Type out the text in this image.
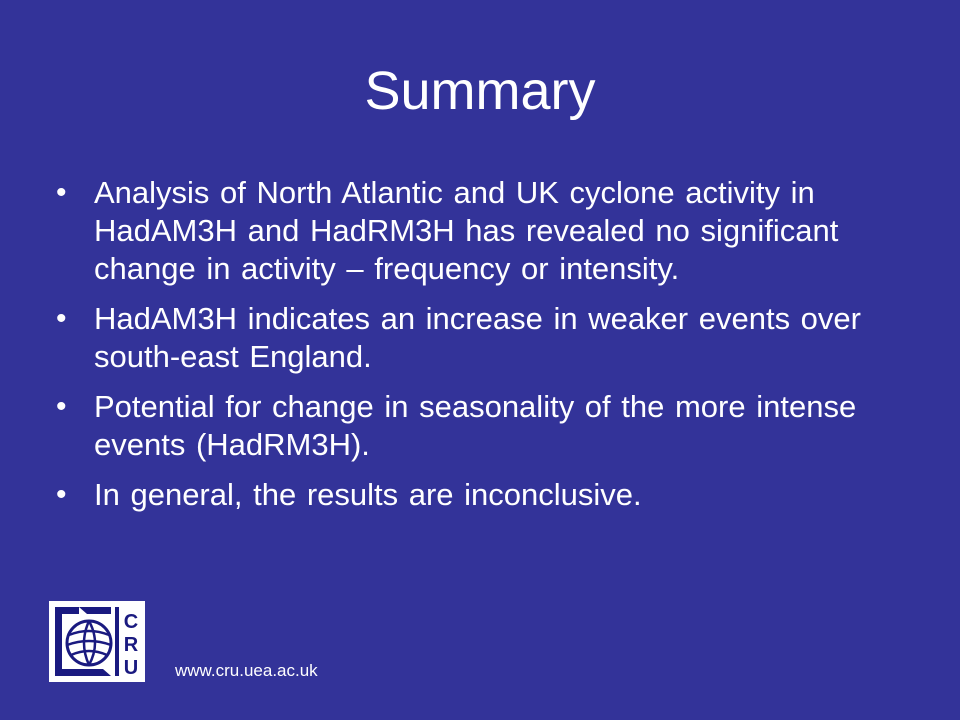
Summary
• Analysis of North Atlantic and UK cyclone activity in HadAM3H and HadRM3H has revealed no significant change in activity – frequency or intensity.
• HadAM3H indicates an increase in weaker events over south-east England.
• Potential for change in seasonality of the more intense events (HadRM3H).
• In general, the results are inconclusive.
C
R
U www.cru.uea.ac.uk
